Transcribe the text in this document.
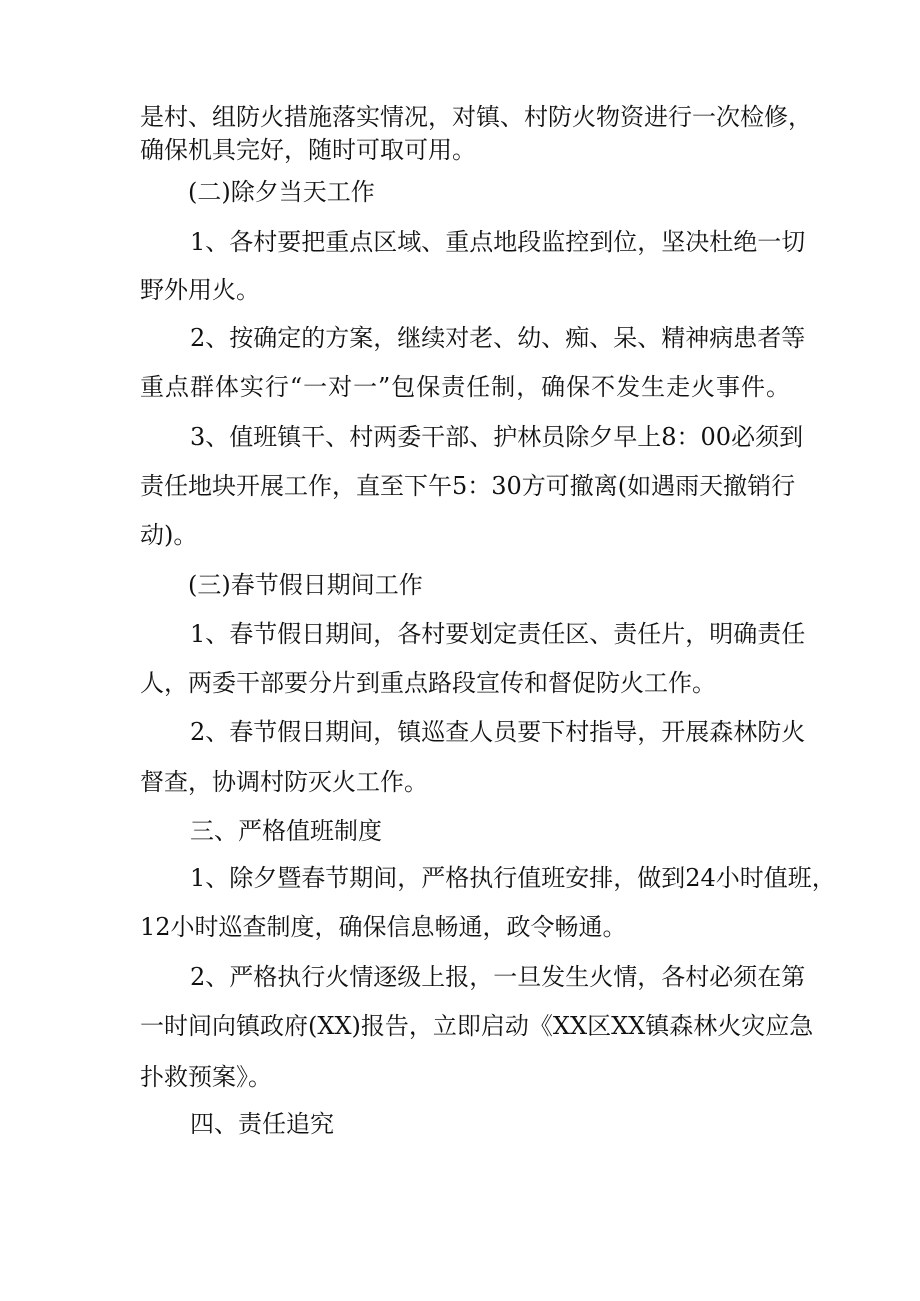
是村、组防火措施落实情况，对镇、村防火物资进行一次检修，
确保机具完好，随时可取可用。
(二)除夕当天工作
1、各村要把重点区域、重点地段监控到位，坚决杜绝一切
野外用火。
2、按确定的方案，继续对老、幼、痴、呆、精神病患者等
重点群体实行“一对一”包保责任制，确保不发生走火事件。
3、值班镇干、村两委干部、护林员除夕早上8：00必须到
责任地块开展工作，直至下午5：30方可撤离(如遇雨天撤销行
动)。
(三)春节假日期间工作
1、春节假日期间，各村要划定责任区、责任片，明确责任
人，两委干部要分片到重点路段宣传和督促防火工作。
2、春节假日期间，镇巡查人员要下村指导，开展森林防火
督查，协调村防灭火工作。
三、严格值班制度
1、除夕暨春节期间，严格执行值班安排，做到24小时值班，
12小时巡查制度，确保信息畅通，政令畅通。
2、严格执行火情逐级上报，一旦发生火情，各村必须在第
一时间向镇政府(XX)报告，立即启动《XX区XX镇森林火灾应急
扑救预案》。
四、责任追究
